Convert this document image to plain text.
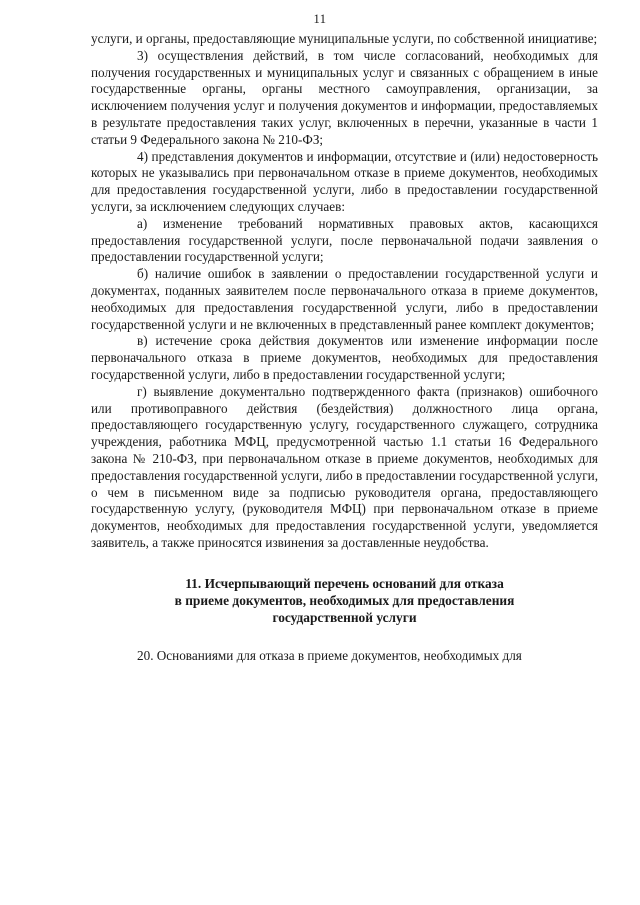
11

услуги, и органы, предоставляющие муниципальные услуги, по собственной инициативе;

3) осуществления действий, в том числе согласований, необходимых для получения государственных и муниципальных услуг и связанных с обращением в иные государственные органы, органы местного самоуправления, организации, за исключением получения услуг и получения документов и информации, предоставляемых в результате предоставления таких услуг, включенных в перечни, указанные в части 1 статьи 9 Федерального закона № 210-ФЗ;

4) представления документов и информации, отсутствие и (или) недостоверность которых не указывались при первоначальном отказе в приеме документов, необходимых для предоставления государственной услуги, либо в предоставлении государственной услуги, за исключением следующих случаев:

а) изменение требований нормативных правовых актов, касающихся предоставления государственной услуги, после первоначальной подачи заявления о предоставлении государственной услуги;

б) наличие ошибок в заявлении о предоставлении государственной услуги и документах, поданных заявителем после первоначального отказа в приеме документов, необходимых для предоставления государственной услуги, либо в предоставлении государственной услуги и не включенных в представленный ранее комплект документов;

в) истечение срока действия документов или изменение информации после первоначального отказа в приеме документов, необходимых для предоставления государственной услуги, либо в предоставлении государственной услуги;

г) выявление документально подтвержденного факта (признаков) ошибочного или противоправного действия (бездействия) должностного лица органа, предоставляющего государственную услугу, государственного служащего, сотрудника учреждения, работника МФЦ, предусмотренной частью 1.1 статьи 16 Федерального закона № 210-ФЗ, при первоначальном отказе в приеме документов, необходимых для предоставления государственной услуги, либо в предоставлении государственной услуги, о чем в письменном виде за подписью руководителя органа, предоставляющего государственную услугу, (руководителя МФЦ) при первоначальном отказе в приеме документов, необходимых для предоставления государственной услуги, уведомляется заявитель, а также приносятся извинения за доставленные неудобства.

11. Исчерпывающий перечень оснований для отказа
в приеме документов, необходимых для предоставления
государственной услуги

20. Основаниями для отказа в приеме документов, необходимых для
